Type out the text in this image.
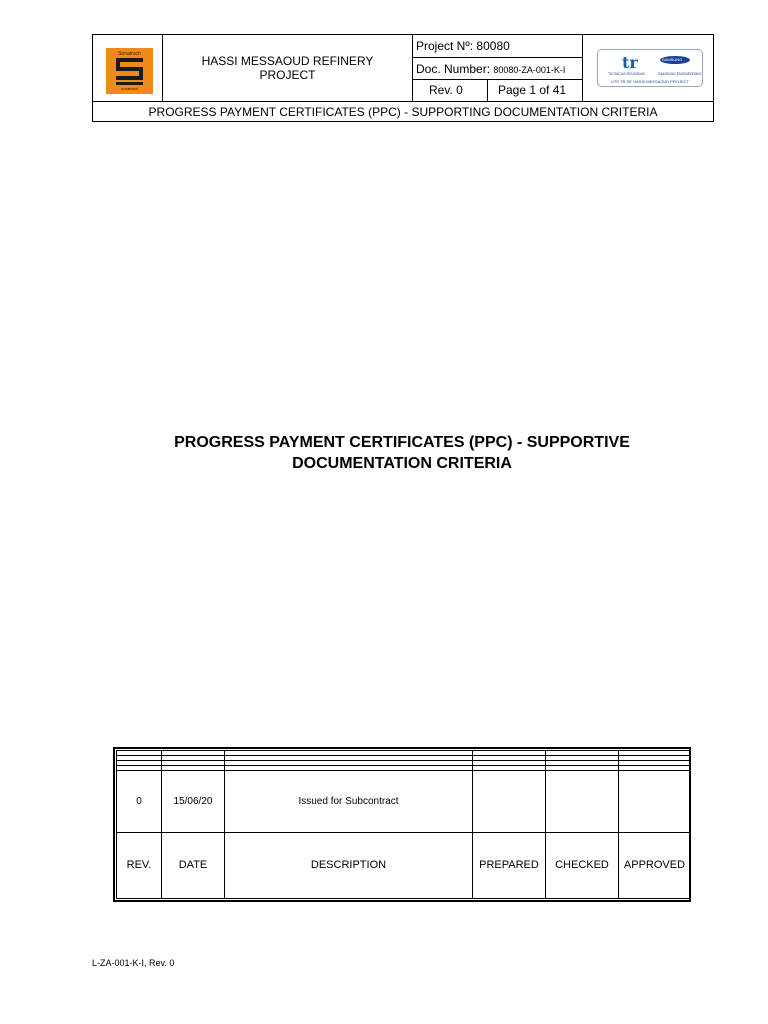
Sonatrach
sonatrach
HASSI MESSAOUD REFINERY
PROJECT
Project Nº: 80080
Doc. Number: 80080-ZA-001-K-I
Rev. 0	Page 1 of 41
tr	SAMSUNG
TECNICAS REUNIDAS	SAMSUNG ENGINEERING
UTE TR-SE HASSI MESSAOUD PROJECT
PROGRESS PAYMENT CERTIFICATES (PPC) - SUPPORTING DOCUMENTATION CRITERIA
PROGRESS PAYMENT CERTIFICATES (PPC) - SUPPORTIVE
DOCUMENTATION CRITERIA

0	15/06/20	Issued for Subcontract			
REV.	DATE	DESCRIPTION	PREPARED	CHECKED	APPROVED
L-ZA-001-K-I, Rev. 0
